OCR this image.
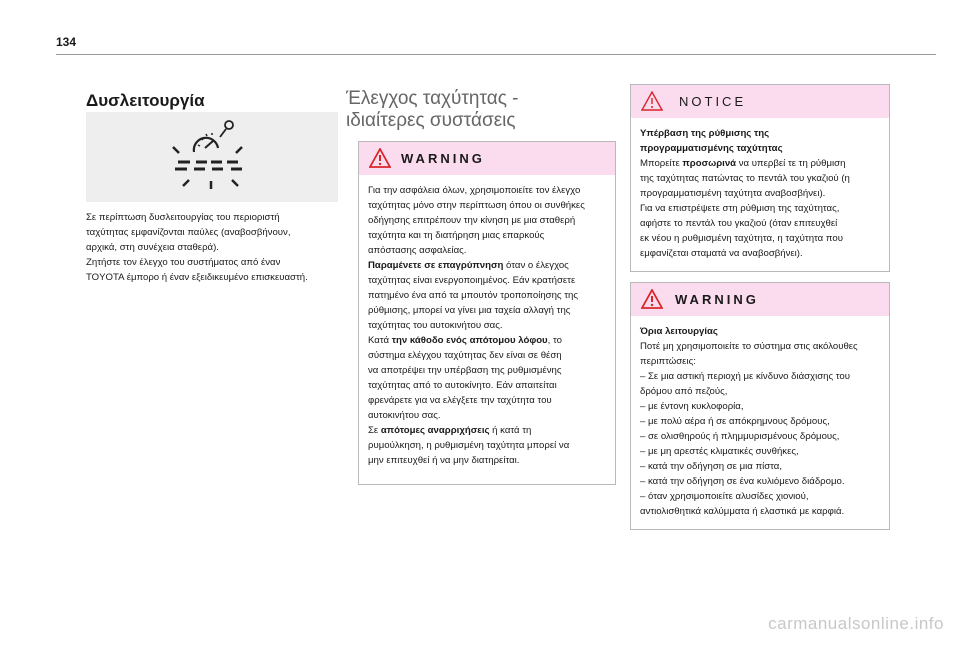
134
Δυσλειτουργία
Σε περίπτωση δυσλειτουργίας του περιοριστή
ταχύτητας εμφανίζονται παύλες (αναβοσβήνουν,
αρχικά, στη συνέχεια σταθερά).
Ζητήστε τον έλεγχο του συστήματος από έναν
TOYOTA έμπορο ή έναν εξειδικευμένο επισκευαστή.
Έλεγχος ταχύτητας -
ιδιαίτερες συστάσεις
WARNING
Για την ασφάλεια όλων, χρησιμοποιείτε τον έλεγχο
ταχύτητας μόνο στην περίπτωση όπου οι συνθήκες
οδήγησης επιτρέπουν την κίνηση με μια σταθερή
ταχύτητα και τη διατήρηση μιας επαρκούς
απόστασης ασφαλείας.
Παραμένετε σε επαγρύπνηση όταν ο έλεγχος
ταχύτητας είναι ενεργοποιημένος. Εάν κρατήσετε
πατημένο ένα από τα μπουτόν τροποποίησης της
ρύθμισης, μπορεί να γίνει μια ταχεία αλλαγή της
ταχύτητας του αυτοκινήτου σας.
Κατά την κάθοδο ενός απότομου λόφου, το
σύστημα ελέγχου ταχύτητας δεν είναι σε θέση
να αποτρέψει την υπέρβαση της ρυθμισμένης
ταχύτητας από το αυτοκίνητο. Εάν απαιτείται
φρενάρετε για να ελέγξετε την ταχύτητα του
αυτοκινήτου σας.
Σε απότομες αναρριχήσεις ή κατά τη
ρυμούλκηση, η ρυθμισμένη ταχύτητα μπορεί να
μην επιτευχθεί ή να μην διατηρείται.
NOTICE
Υπέρβαση της ρύθμισης της
προγραμματισμένης ταχύτητας
Μπορείτε προσωρινά να υπερβεί τε τη ρύθμιση
της ταχύτητας πατώντας το πεντάλ του γκαζιού (η
προγραμματισμένη ταχύτητα αναβοσβήνει).
Για να επιστρέψετε στη ρύθμιση της ταχύτητας,
αφήστε το πεντάλ του γκαζιού (όταν επιτευχθεί
εκ νέου η ρυθμισμένη ταχύτητα, η ταχύτητα που
εμφανίζεται σταματά να αναβοσβήνει).
WARNING
Όρια λειτουργίας
Ποτέ μη χρησιμοποιείτε το σύστημα στις ακόλουθες
περιπτώσεις:
– Σε μια αστική περιοχή με κίνδυνο διάσχισης του
δρόμου από πεζούς,
– με έντονη κυκλοφορία,
– με πολύ αέρα ή σε απόκρημνους δρόμους,
– σε ολισθηρούς ή πλημμυρισμένους δρόμους,
– με μη αρεστές κλιματικές συνθήκες,
– κατά την οδήγηση σε μια πίστα,
– κατά την οδήγηση σε ένα κυλιόμενο διάδρομο.
– όταν χρησιμοποιείτε αλυσίδες χιονιού,
αντιολισθητικά καλύμματα ή ελαστικά με καρφιά.
carmanualsonline.info
